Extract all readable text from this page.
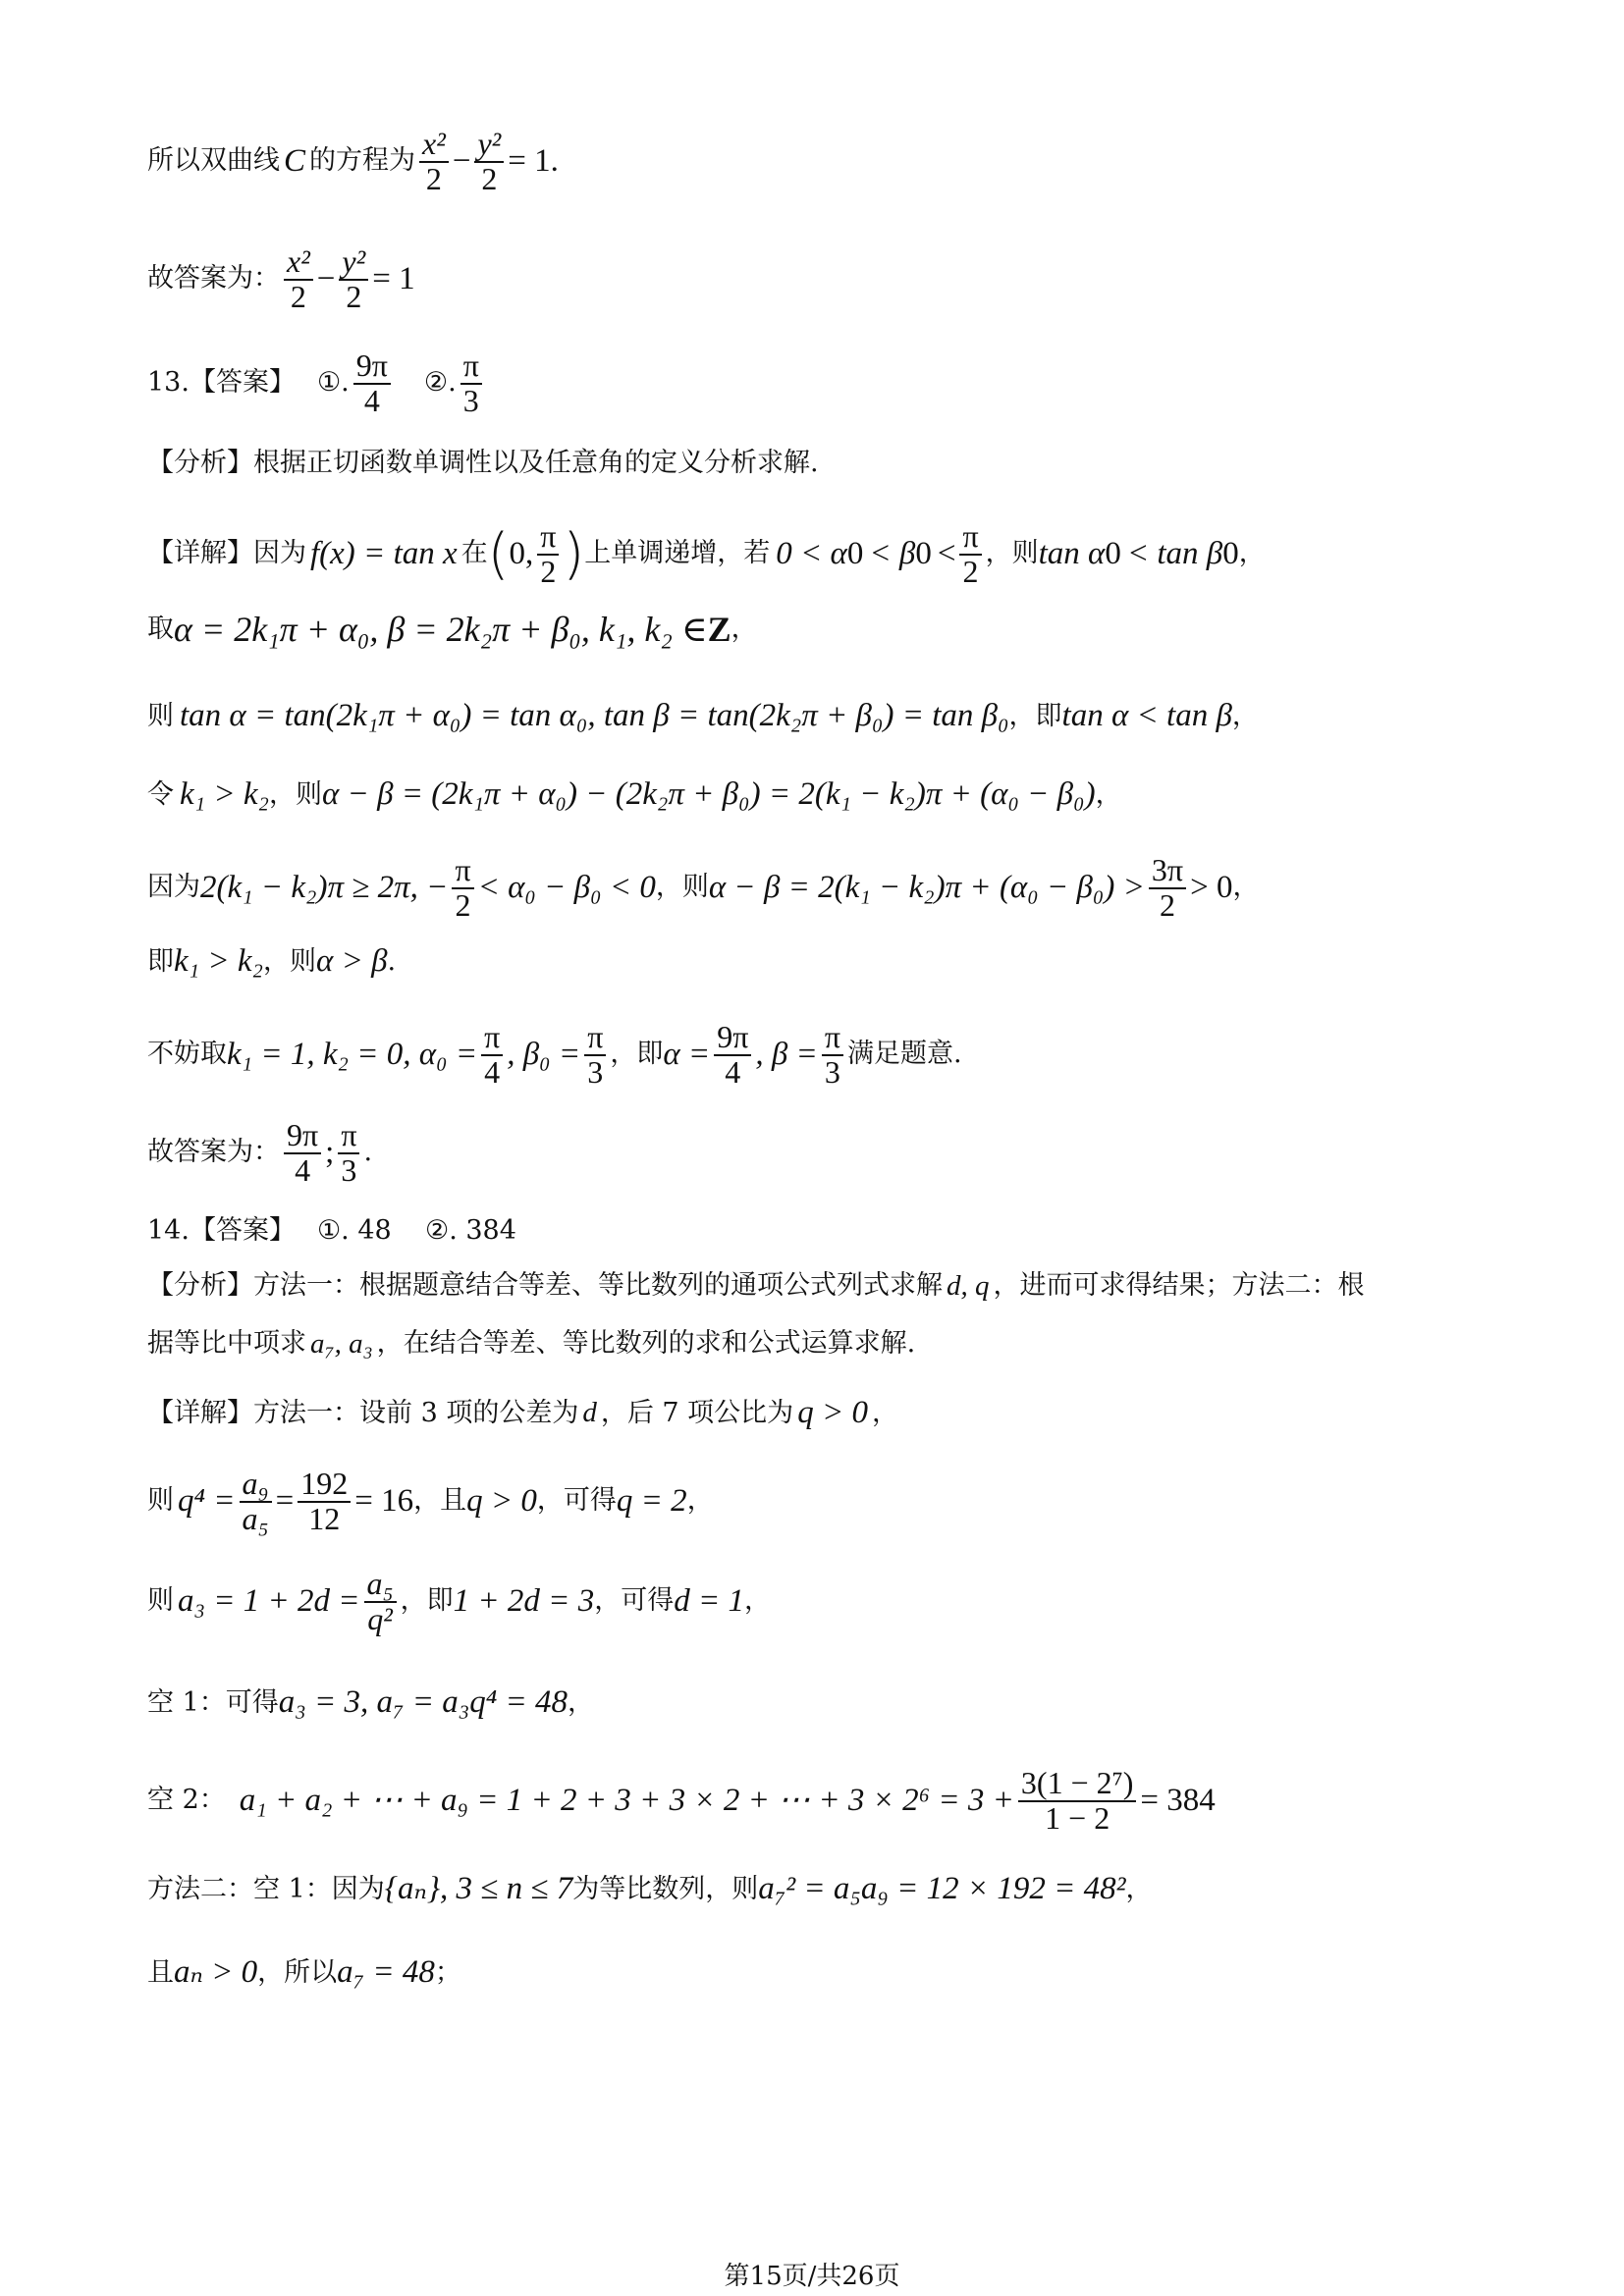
所以双曲线 C 的方程为 $\frac{\text{x²}}{2} - \frac{\text{y²}}{2} = 1$.
故答案为： $\frac{\text{x²}}{2} - \frac{\text{y²}}{2} = 1$
13.【答案】 ①. $\frac{9\pi}{4}$ ②. $\frac{\pi}{3}$
【分析】根据正切函数单调性以及任意角的定义分析求解.
【详解】因为 f(x) = tan x 在 ( 0, $\frac{\pi}{2}$ ) 上单调递增，若 0 < α 0 < β $0 < \frac{\pi}{2}$ ，则 tan α 0 < tan β 0 ，
取 α = 2k₁π + α₀, β = 2k₂π + β₀, k₁, k₂ ∈ Z ，
则 tan α = tan(2k₁π + α₀) = tan α₀, tan β = tan(2k₂π + β₀) = tan β₀ ，即 tan α < tan β ，
令 k₁ > k₂ ，则 α − β = (2k₁π + α₀) − (2k₂π + β₀) = 2(k₁ − k₂)π + (α₀ − β₀) ，
因为 2(k₁ − k₂)π ≥ 2π, − $\frac{\pi}{2} < \alpha_0 - \beta_0 < 0$ ，则 $\alpha - \beta = 2(k_1 - k_2)\pi + (\alpha_0 - \beta_0) > \frac{3\pi}{2} > 0$ ，
即 k₁ > k₂ ，则 α > β .
不妨取 k₁ = 1, k₂ = 0, $\alpha_0 = \frac{\pi}{4}$ , $\beta_0 = \frac{\pi}{3}$ ，即 $\alpha = \frac{9\pi}{4}$ , $\beta = \frac{\pi}{3}$ 满足题意.
故答案为： $\frac{9\pi}{4}$ ; $\frac{\pi}{3}$ .
14.【答案】 ①. 48    ②. 384
【分析】方法一：根据题意结合等差、等比数列的通项公式列式求解 d, q ，进而可求得结果；方法二：根
据等比中项求 a₇, a₃ ，在结合等差、等比数列的求和公式运算求解.
【详解】方法一：设前 3 项的公差为 d ，后 7 项公比为 q > 0 ，
则 $q^4 = \frac{\text{a₉}}{\text{a₅}} = \frac{192}{12} = 16$ ，且 q > 0 ，可得 q = 2 ，
则 $a_3 = 1 + 2d = \frac{\text{a₅}}{\text{q²}}$ ，即 1 + 2d = 3 ，可得 d = 1 ，
空 1：可得 a₃ = 3, a₇ = a₃q⁴ = 48 ，
空 2： a₁ + a₂ + ⋯ + a₉ = 1 + 2 + 3 + 3 × 2 + ⋯ + $3 \times 2^6 = 3 + \frac{\text{3(1 − 2⁷)}}{1 - 2} = 384$
方法二：空 1：因为 {aₙ}, 3 ≤ n ≤ 7 为等比数列，则 a₇² = a₅a₉ = 12 × 192 = 48² ，
且 aₙ > 0 ，所以 a₇ = 48 ；
第15页/共26页
